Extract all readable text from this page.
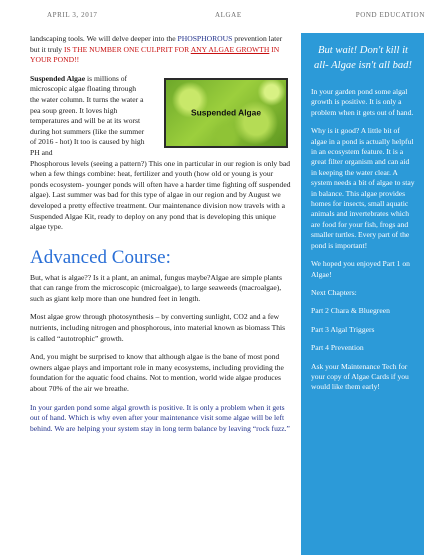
APRIL 3, 2017	ALGAE	POND EDUCATION

landscaping tools. We will delve deeper into the PHOSPHOROUS prevention later but it truly IS THE NUMBER ONE CULPRIT FOR ANY ALGAE GROWTH IN YOUR POND!!

Suspended Algae is millions of microscopic algae floating through the water column. It turns the water a pea soup green. It loves high temperatures and will be at its worst during hot summers (like the summer of 2016 - hot) It too is caused by high PH and
Suspended Algae

Phosphorous levels (seeing a pattern?) This one in particular in our region is only bad when a few things combine: heat, fertilizer and youth (how old or young is your ponds ecosystem- younger ponds will often have a harder time fighting off suspended algae). Last summer was bad for this type of algae in our region and by August we developed a pretty effective treatment. Our maintenance division now travels with a Suspended Algae Kit, ready to deploy on any pond that is developing this unique algae type.

Advanced Course:

But, what is algae?? Is it a plant, an animal, fungus maybe?Algae are simple plants that can range from the microscopic (microalgae), to large seaweeds (macroalgae), such as giant kelp more than one hundred feet in length.

Most algae grow through photosynthesis – by converting sunlight, CO2 and a few nutrients, including nitrogen and phosphorous, into material known as biomass This is called “autotrophic” growth.

And, you might be surprised to know that although algae is the bane of most pond owners algae plays and important role in many ecosystems, including providing the foundation for the aquatic food chains. Not to mention, world wide algae produces about 70% of the air we breathe.

In your garden pond some algal growth is positive. It is only a problem when it gets out of hand. Which is why even after your maintenance visit some algae will be left behind. We are helping your system stay in long term balance by leaving “rock fuzz.”

But wait! Don't kill it all- Algae isn't all bad!

In your garden pond some algal growth is positive. It is only a problem when it gets out of hand.

Why is it good? A little bit of algae in a pond is actually helpful in an ecosystem feature. It is a great filter organism and can aid in keeping the water clear. A system needs a bit of algae to stay in balance. This algae provides homes for insects, small aquatic animals and invertebrates which are food for your fish, frogs and smaller turtles. Every part of the pond is important!

We hoped you enjoyed Part 1 on Algae!

Next Chapters:

Part 2 Chara & Bluegreen

Part 3 Algal Triggers

Part 4 Prevention

Ask your Maintenance Tech for your copy of Algae Cards if you would like them early!
